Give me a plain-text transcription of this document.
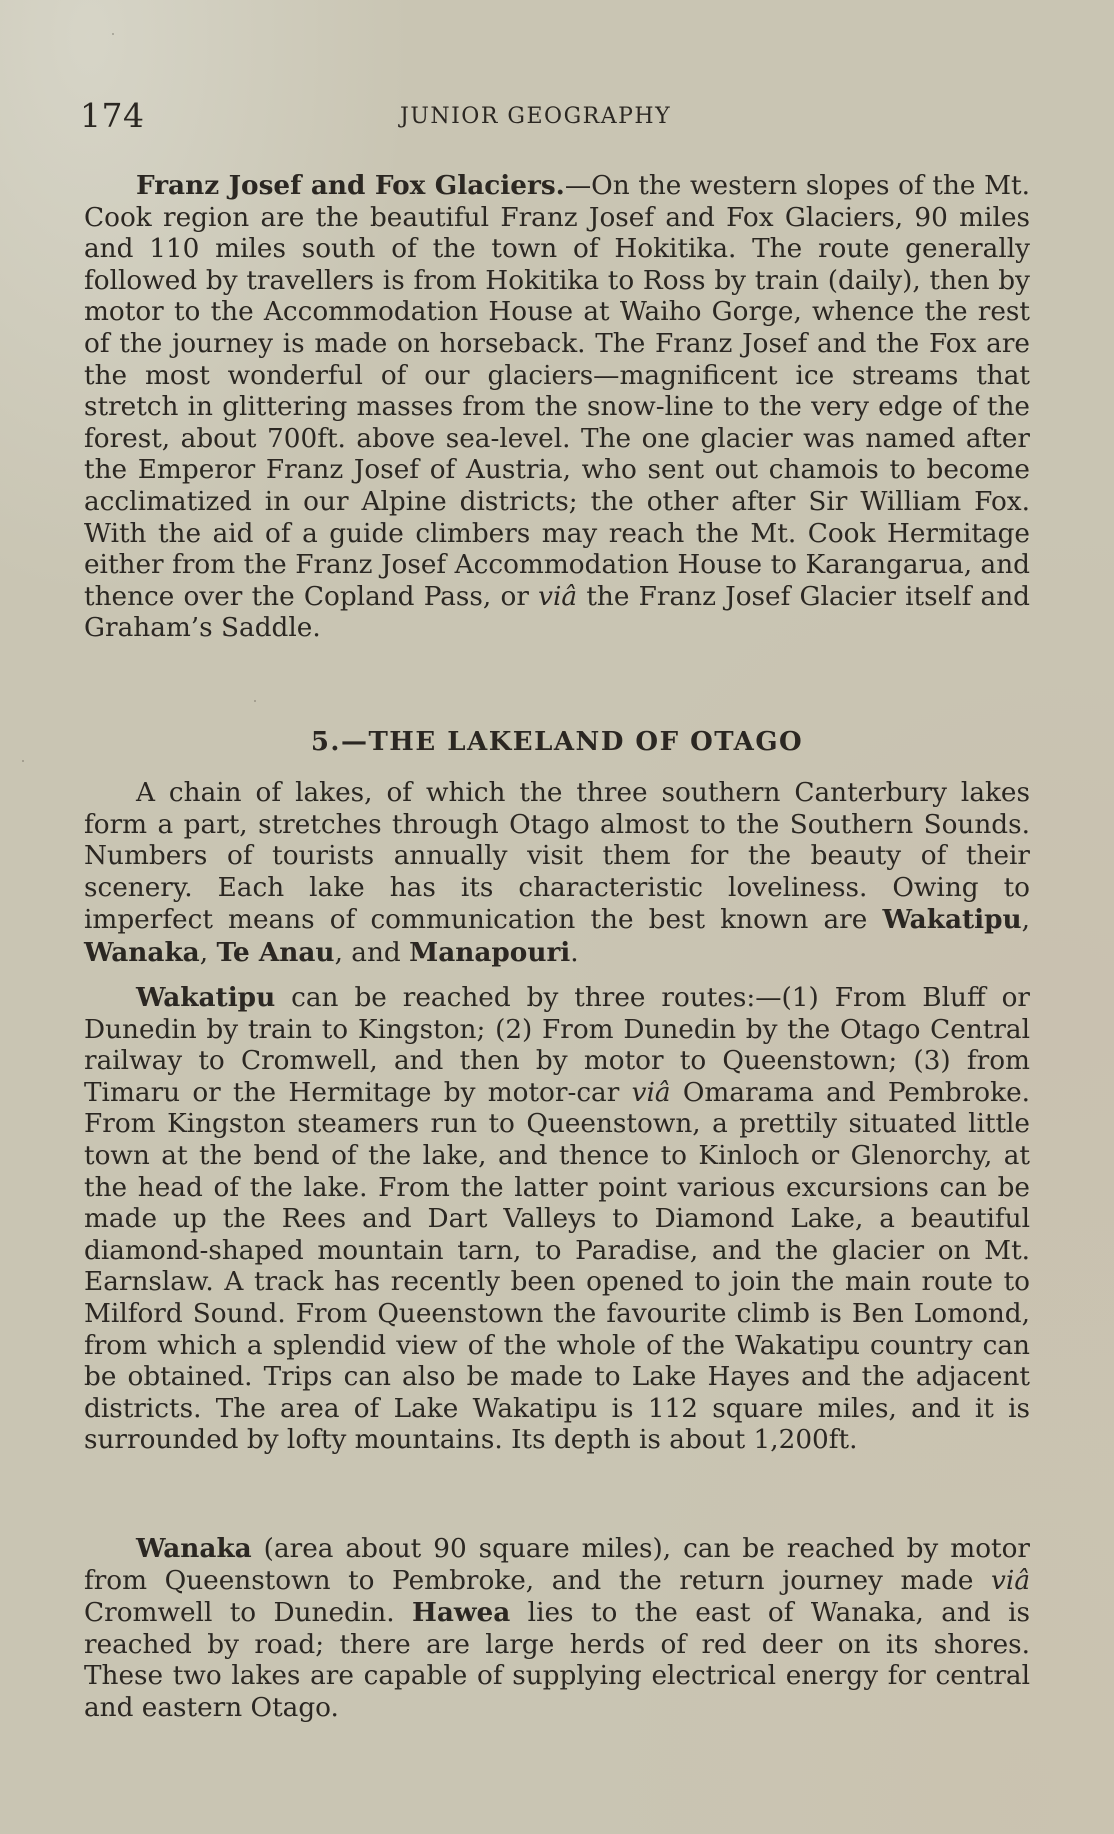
174	JUNIOR GEOGRAPHY

Franz Josef and Fox Glaciers.—On the western slopes of the Mt. Cook region are the beautiful Franz Josef and Fox Glaciers, 90 miles and 110 miles south of the town of Hokitika. The route generally followed by travellers is from Hokitika to Ross by train (daily), then by motor to the Accommodation House at Waiho Gorge, whence the rest of the journey is made on horseback. The Franz Josef and the Fox are the most wonderful of our glaciers—magnificent ice streams that stretch in glittering masses from the snow-line to the very edge of the forest, about 700ft. above sea-level. The one glacier was named after the Emperor Franz Josef of Austria, who sent out chamois to become acclimatized in our Alpine districts; the other after Sir William Fox. With the aid of a guide climbers may reach the Mt. Cook Hermitage either from the Franz Josef Accommodation House to Karangarua, and thence over the Copland Pass, or viâ the Franz Josef Glacier itself and Graham’s Saddle.

5.—THE LAKELAND OF OTAGO

A chain of lakes, of which the three southern Canterbury lakes form a part, stretches through Otago almost to the Southern Sounds. Numbers of tourists annually visit them for the beauty of their scenery. Each lake has its characteristic loveliness. Owing to imperfect means of communication the best known are Wakatipu, Wanaka, Te Anau, and Manapouri.

Wakatipu can be reached by three routes:—(1) From Bluff or Dunedin by train to Kingston; (2) From Dunedin by the Otago Central railway to Cromwell, and then by motor to Queenstown; (3) from Timaru or the Hermitage by motor-car viâ Omarama and Pembroke. From Kingston steamers run to Queenstown, a prettily situated little town at the bend of the lake, and thence to Kinloch or Glenorchy, at the head of the lake. From the latter point various excursions can be made up the Rees and Dart Valleys to Diamond Lake, a beautiful diamond-shaped mountain tarn, to Paradise, and the glacier on Mt. Earnslaw. A track has recently been opened to join the main route to Milford Sound. From Queenstown the favourite climb is Ben Lomond, from which a splendid view of the whole of the Wakatipu country can be obtained. Trips can also be made to Lake Hayes and the adjacent districts. The area of Lake Wakatipu is 112 square miles, and it is surrounded by lofty mountains. Its depth is about 1,200ft.

Wanaka (area about 90 square miles), can be reached by motor from Queenstown to Pembroke, and the return journey made viâ Cromwell to Dunedin. Hawea lies to the east of Wanaka, and is reached by road; there are large herds of red deer on its shores. These two lakes are capable of supplying electrical energy for central and eastern Otago.
